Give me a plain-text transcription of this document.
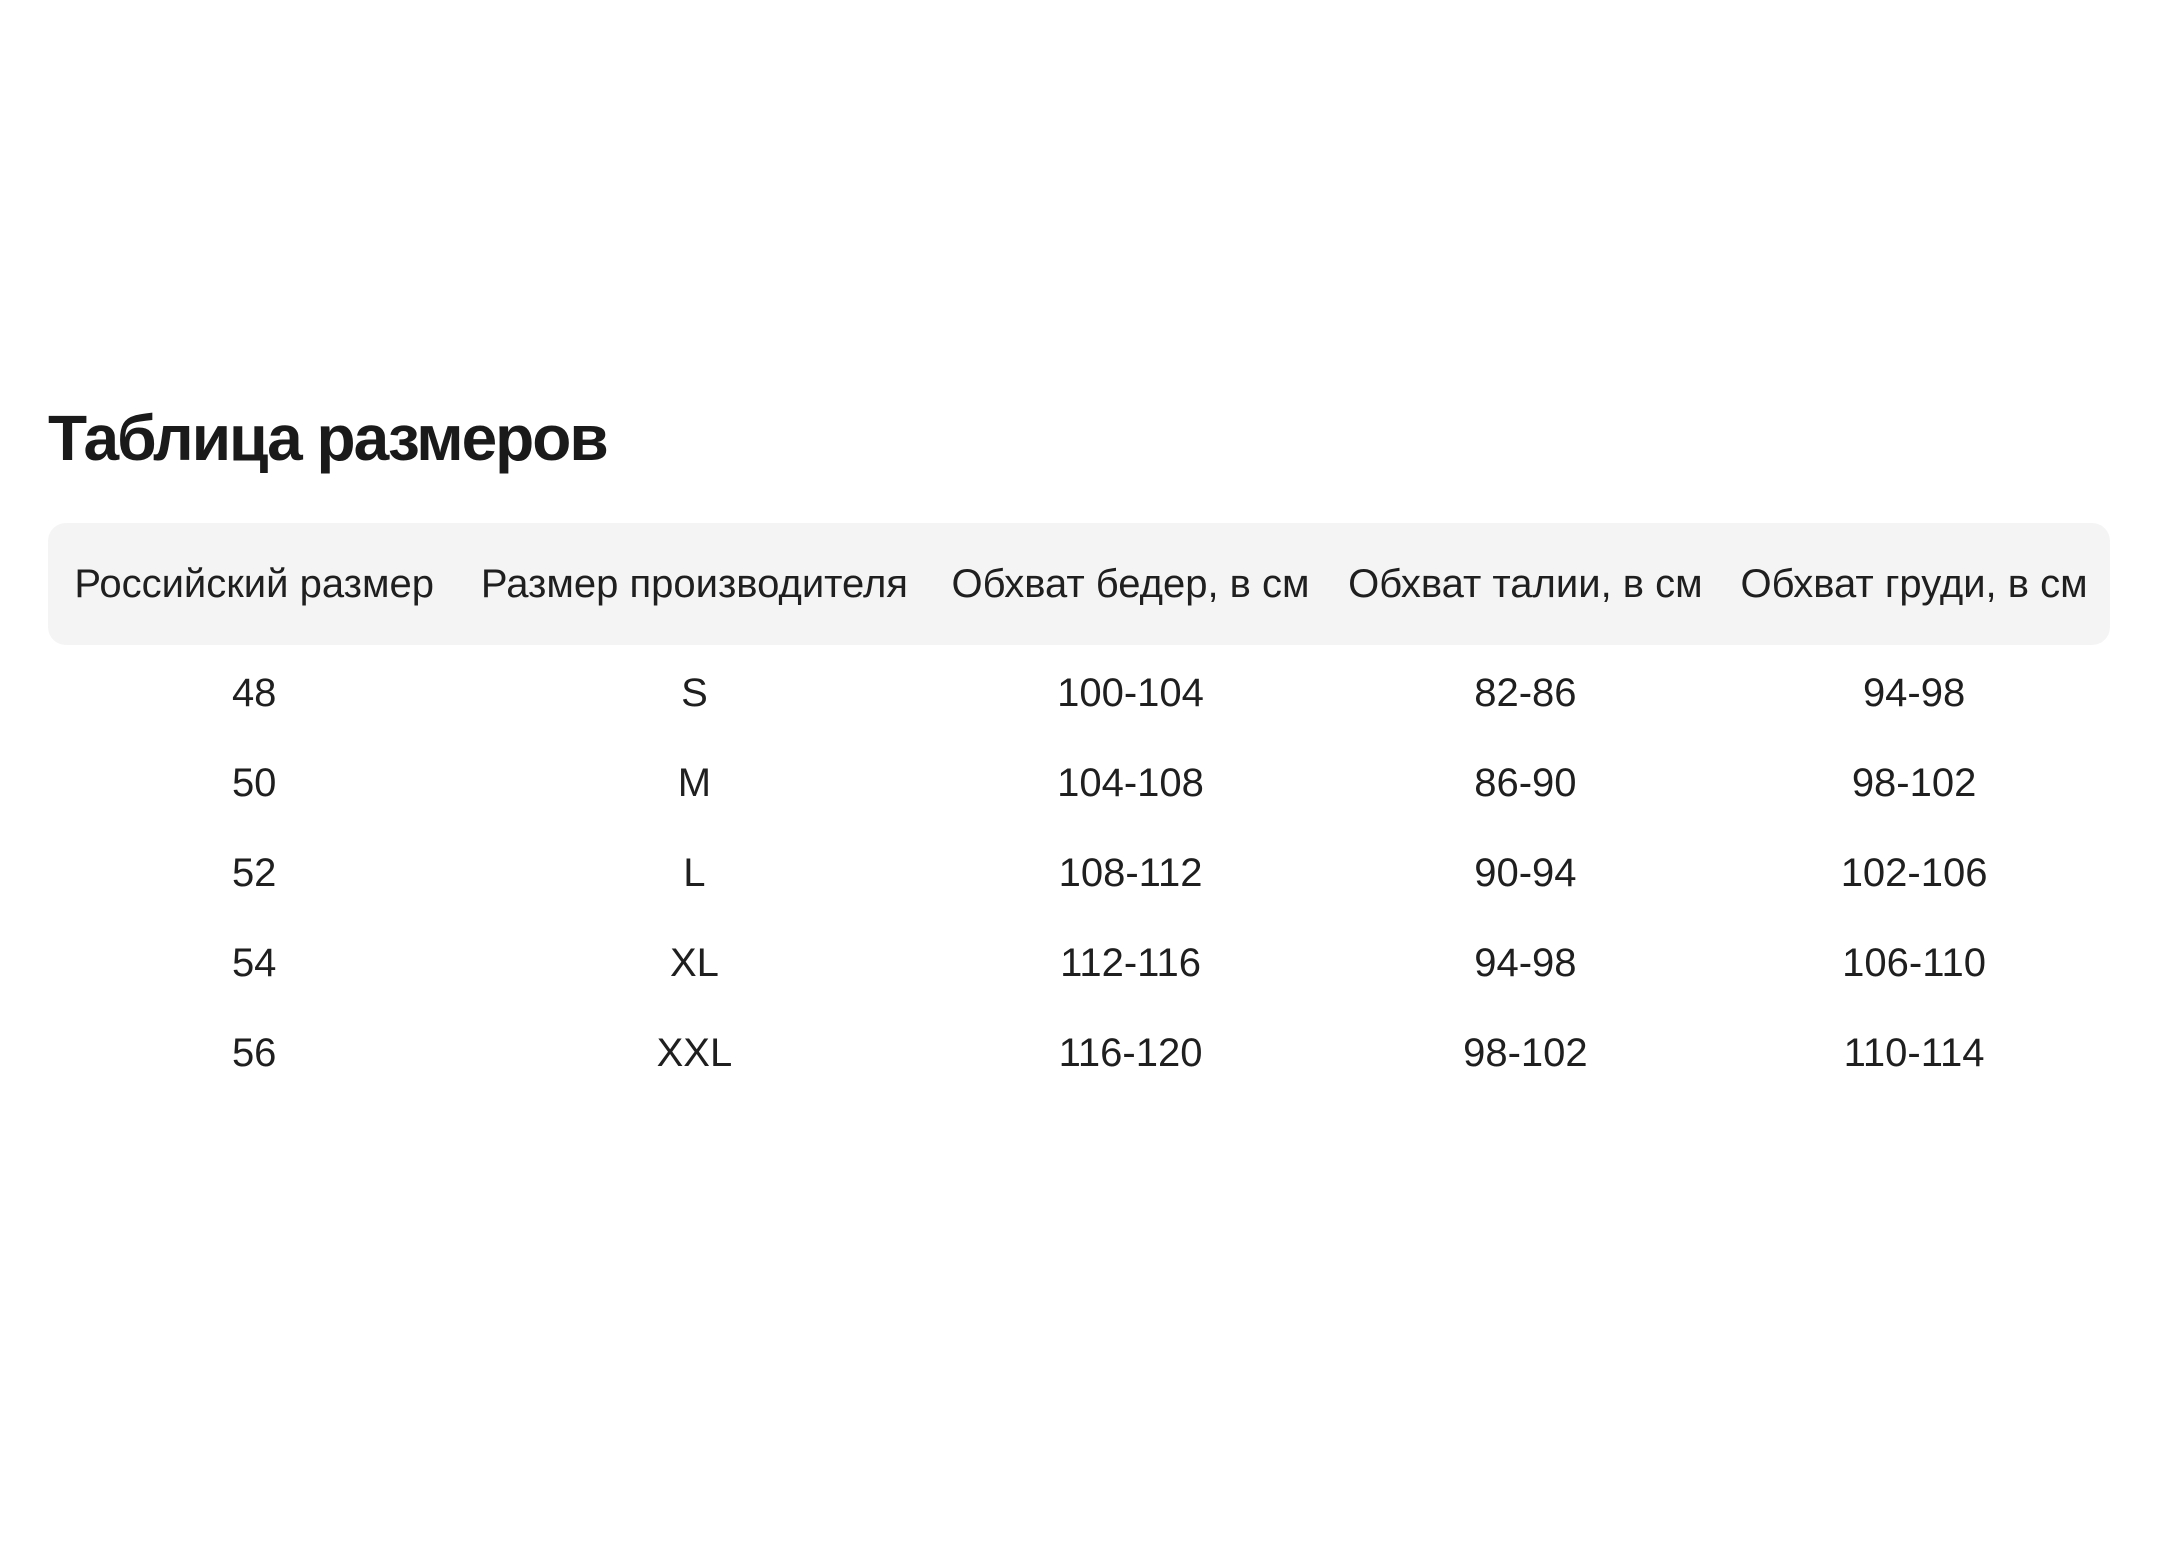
Таблица размеров
Российский размер	Размер производителя	Обхват бедер, в см	Обхват талии, в см	Обхват груди, в см
48	S	100-104	82-86	94-98
50	M	104-108	86-90	98-102
52	L	108-112	90-94	102-106
54	XL	112-116	94-98	106-110
56	XXL	116-120	98-102	110-114
